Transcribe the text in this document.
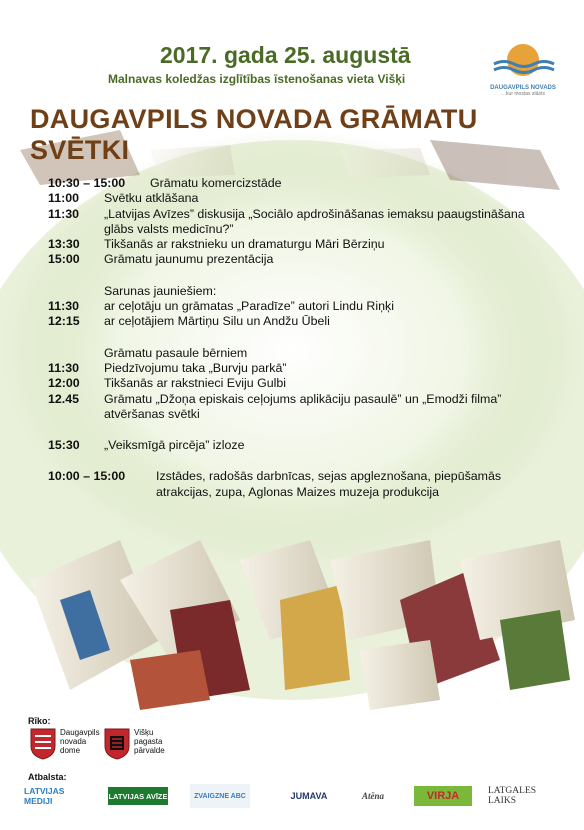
2017. gada 25. augustā
Malnavas koledžas izglītības īstenošanas vieta Višķi
DAUGAVPILS NOVADA GRĀMATU SVĒTKI
DAUGAVPILS NOVADS
…kur mostas stāsts
10:30 – 15:00	Grāmatu komercizstāde
11:00	Svētku atklāšana
11:30	„Latvijas Avīzes” diskusija „Sociālo apdrošināšanas iemaksu paaugstināšana
glābs valsts medicīnu?”
13:30	Tikšanās ar rakstnieku un dramaturgu Māri Bērziņu
15:00	Grāmatu jaunumu prezentācija
Sarunas jauniešiem:
11:30	ar ceļotāju un grāmatas „Paradīze” autori Lindu Riņķi
12:15	ar ceļotājiem Mārtiņu Silu un Andžu Ūbeli
Grāmatu pasaule bērniem
11:30	Piedzīvojumu taka „Burvju parkā”
12:00	Tikšanās ar rakstnieci Eviju Gulbi
12.45	Grāmatu „Džoņa episkais ceļojums aplikāciju pasaulē” un „Emodži filma”
atvēršanas svētki
15:30	„Veiksmīgā pircēja” izloze
10:00 – 15:00	Izstādes, radošās darbnīcas, sejas apgleznošana, piepūšamās
atrakcijas, zupa, Aglonas Maizes muzeja produkcija
Rīko:
Daugavpils
novada
dome
Višķu
pagasta
pārvalde
Atbalsta:
LATVIJAS MEDIJI	LATVIJAS AVĪZE	ZVAIGZNE ABC	JUMAVA	Atēna	VIRJA	LATGALES LAIKS
